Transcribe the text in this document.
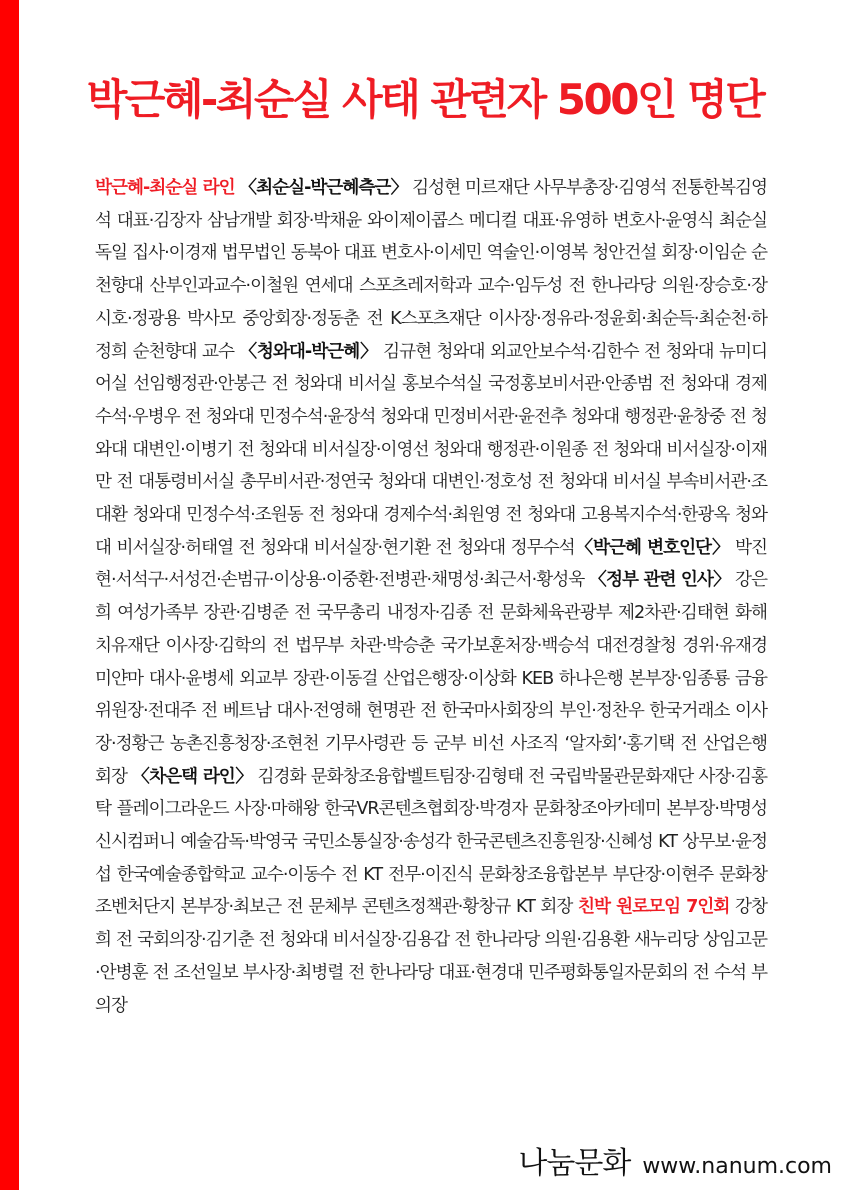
박근혜-최순실 사태 관련자 500인 명단

박근혜-최순실 라인 〈최순실-박근혜측근〉 김성현 미르재단 사무부총장·김영석 전통한복김영석 대표·김장자 삼남개발 회장·박채윤 와이제이콥스 메디컬 대표·유영하 변호사·윤영식 최순실 독일 집사·이경재 법무법인 동북아 대표 변호사·이세민 역술인·이영복 청안건설 회장·이임순 순천향대 산부인과교수·이철원 연세대 스포츠레저학과 교수·임두성 전 한나라당 의원·장승호·장시호·정광용 박사모 중앙회장·정동춘 전 K스포츠재단 이사장·정유라·정윤회·최순득·최순천·하정희 순천향대 교수 〈청와대-박근혜〉 김규현 청와대 외교안보수석·김한수 전 청와대 뉴미디어실 선임행정관·안봉근 전 청와대 비서실 홍보수석실 국정홍보비서관·안종범 전 청와대 경제수석·우병우 전 청와대 민정수석·윤장석 청와대 민정비서관·윤전추 청와대 행정관·윤창중 전 청와대 대변인·이병기 전 청와대 비서실장·이영선 청와대 행정관·이원종 전 청와대 비서실장·이재만 전 대통령비서실 총무비서관·정연국 청와대 대변인·정호성 전 청와대 비서실 부속비서관·조대환 청와대 민정수석·조원동 전 청와대 경제수석·최원영 전 청와대 고용복지수석·한광옥 청와대 비서실장·허태열 전 청와대 비서실장·현기환 전 청와대 정무수석〈박근혜 변호인단〉 박진현·서석구·서성건·손범규·이상용·이중환·전병관·채명성·최근서·황성욱 〈정부 관련 인사〉 강은희 여성가족부 장관·김병준 전 국무총리 내정자·김종 전 문화체육관광부 제2차관·김태현 화해치유재단 이사장·김학의 전 법무부 차관·박승춘 국가보훈처장·백승석 대전경찰청 경위·유재경 미얀마 대사·윤병세 외교부 장관·이동걸 산업은행장·이상화 KEB 하나은행 본부장·임종룡 금융위원장·전대주 전 베트남 대사·전영해 현명관 전 한국마사회장의 부인·정찬우 한국거래소 이사장·정황근 농촌진흥청장·조현천 기무사령관 등 군부 비선 사조직 ‘알자회’·홍기택 전 산업은행 회장 〈차은택 라인〉 김경화 문화창조융합벨트팀장·김형태 전 국립박물관문화재단 사장·김홍탁 플레이그라운드 사장·마해왕 한국VR콘텐츠협회장·박경자 문화창조아카데미 본부장·박명성 신시컴퍼니 예술감독·박영국 국민소통실장·송성각 한국콘텐츠진흥원장·신혜성 KT 상무보·윤정섭 한국예술종합학교 교수·이동수 전 KT 전무·이진식 문화창조융합본부 부단장·이현주 문화창조벤처단지 본부장·최보근 전 문체부 콘텐츠정책관·황창규 KT 회장 친박 원로모임 7인회 강창희 전 국회의장·김기춘 전 청와대 비서실장·김용갑 전 한나라당 의원·김용환 새누리당 상임고문·안병훈 전 조선일보 부사장·최병렬 전 한나라당 대표·현경대 민주평화통일자문회의 전 수석 부의장

나눔문화 www.nanum.com
